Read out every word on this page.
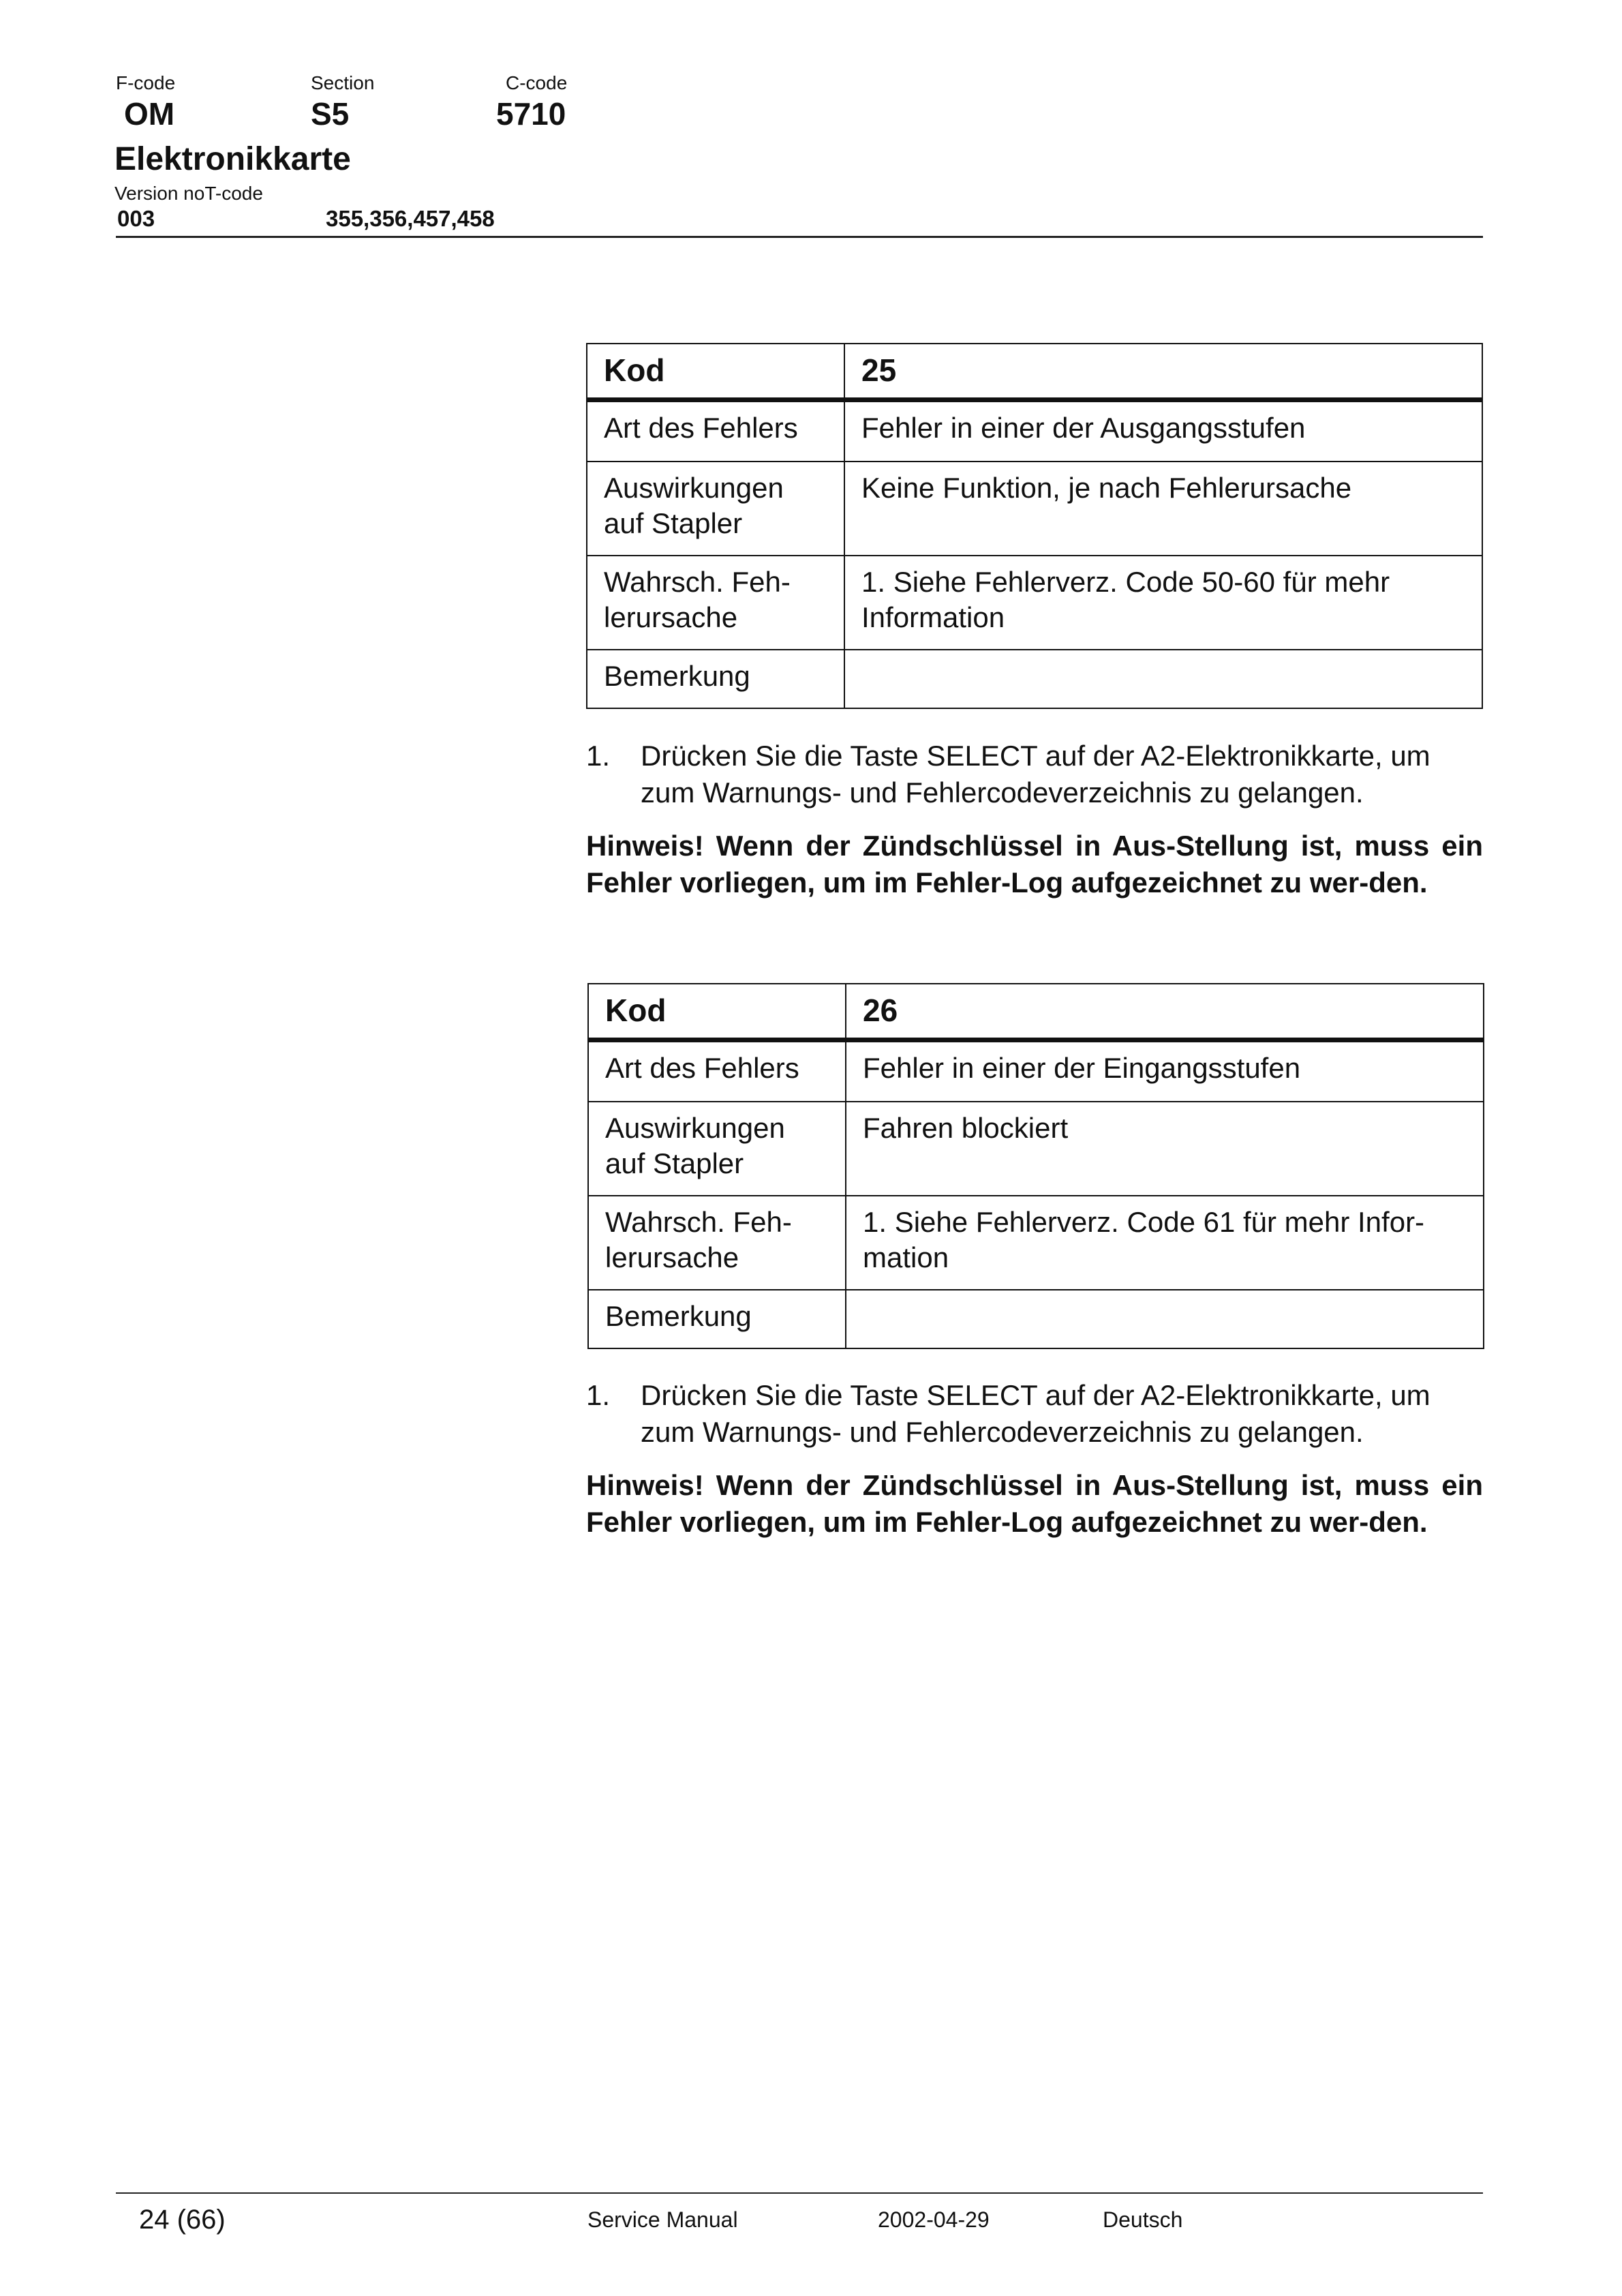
F-code
OM
Section
S5
C-code
5710
Elektronikkarte
Version noT-code
003	355,356,457,458
Kod	25
Art des Fehlers	Fehler in einer der Ausgangsstufen
Auswirkungen auf Stapler	Keine Funktion, je nach Fehlerursache
Wahrsch. Feh-lerursache	1. Siehe Fehlerverz. Code 50-60 für mehr Information
Bemerkung	
1. Drücken Sie die Taste SELECT auf der A2-Elektronikkarte, um zum Warnungs- und Fehlercodeverzeichnis zu gelangen.
Hinweis! Wenn der Zündschlüssel in Aus-Stellung ist, muss ein Fehler vorliegen, um im Fehler-Log aufgezeichnet zu wer-den.
Kod	26
Art des Fehlers	Fehler in einer der Eingangsstufen
Auswirkungen auf Stapler	Fahren blockiert
Wahrsch. Feh-lerursache	1. Siehe Fehlerverz. Code 61 für mehr Infor-mation
Bemerkung	
1. Drücken Sie die Taste SELECT auf der A2-Elektronikkarte, um zum Warnungs- und Fehlercodeverzeichnis zu gelangen.
Hinweis! Wenn der Zündschlüssel in Aus-Stellung ist, muss ein Fehler vorliegen, um im Fehler-Log aufgezeichnet zu wer-den.
24 (66)	Service Manual	2002-04-29	Deutsch
